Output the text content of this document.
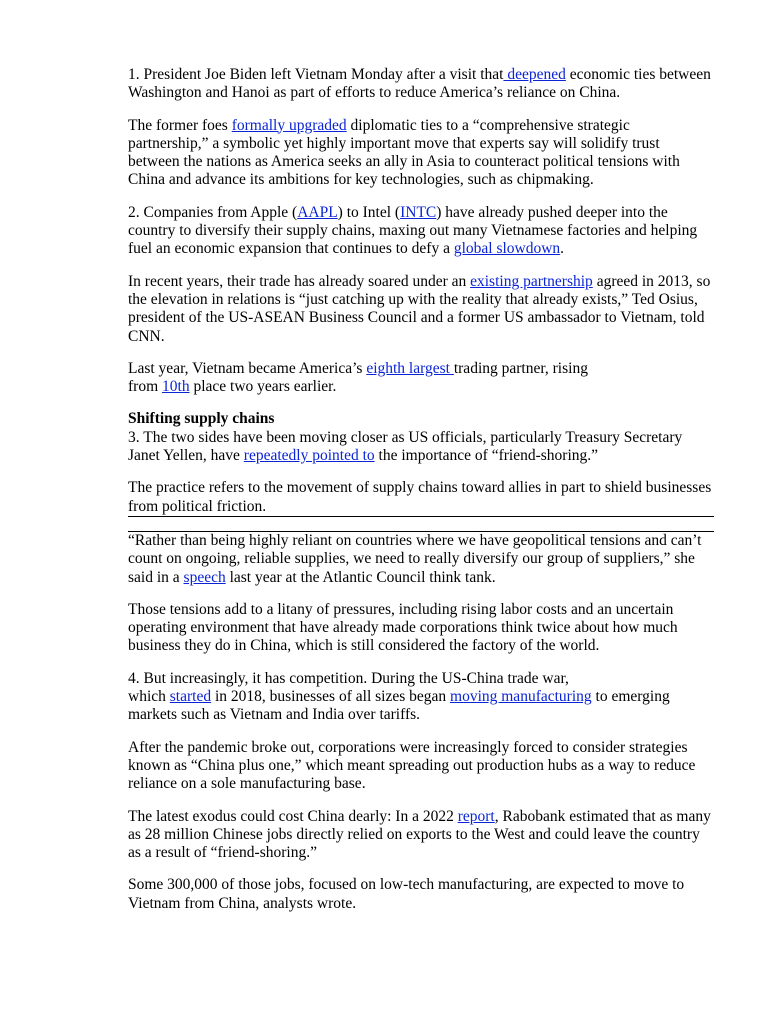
1. President Joe Biden left Vietnam Monday after a visit that deepened economic ties between Washington and Hanoi as part of efforts to reduce America’s reliance on China.

The former foes formally upgraded diplomatic ties to a “comprehensive strategic partnership,” a symbolic yet highly important move that experts say will solidify trust between the nations as America seeks an ally in Asia to counteract political tensions with China and advance its ambitions for key technologies, such as chipmaking.

2. Companies from Apple (AAPL) to Intel (INTC) have already pushed deeper into the country to diversify their supply chains, maxing out many Vietnamese factories and helping fuel an economic expansion that continues to defy a global slowdown.

In recent years, their trade has already soared under an existing partnership agreed in 2013, so the elevation in relations is “just catching up with the reality that already exists,” Ted Osius, president of the US-ASEAN Business Council and a former US ambassador to Vietnam, told CNN.

Last year, Vietnam became America’s eighth largest trading partner, rising
from 10th place two years earlier.

Shifting supply chains

3. The two sides have been moving closer as US officials, particularly Treasury Secretary Janet Yellen, have repeatedly pointed to the importance of “friend-shoring.”

The practice refers to the movement of supply chains toward allies in part to shield businesses from political friction.

“Rather than being highly reliant on countries where we have geopolitical tensions and can’t count on ongoing, reliable supplies, we need to really diversify our group of suppliers,” she said in a speech last year at the Atlantic Council think tank.

Those tensions add to a litany of pressures, including rising labor costs and an uncertain operating environment that have already made corporations think twice about how much business they do in China, which is still considered the factory of the world.

4. But increasingly, it has competition. During the US-China trade war,
which started in 2018, businesses of all sizes began moving manufacturing to emerging markets such as Vietnam and India over tariffs.

After the pandemic broke out, corporations were increasingly forced to consider strategies known as “China plus one,” which meant spreading out production hubs as a way to reduce reliance on a sole manufacturing base.

The latest exodus could cost China dearly: In a 2022 report, Rabobank estimated that as many as 28 million Chinese jobs directly relied on exports to the West and could leave the country as a result of “friend-shoring.”

Some 300,000 of those jobs, focused on low-tech manufacturing, are expected to move to Vietnam from China, analysts wrote.
